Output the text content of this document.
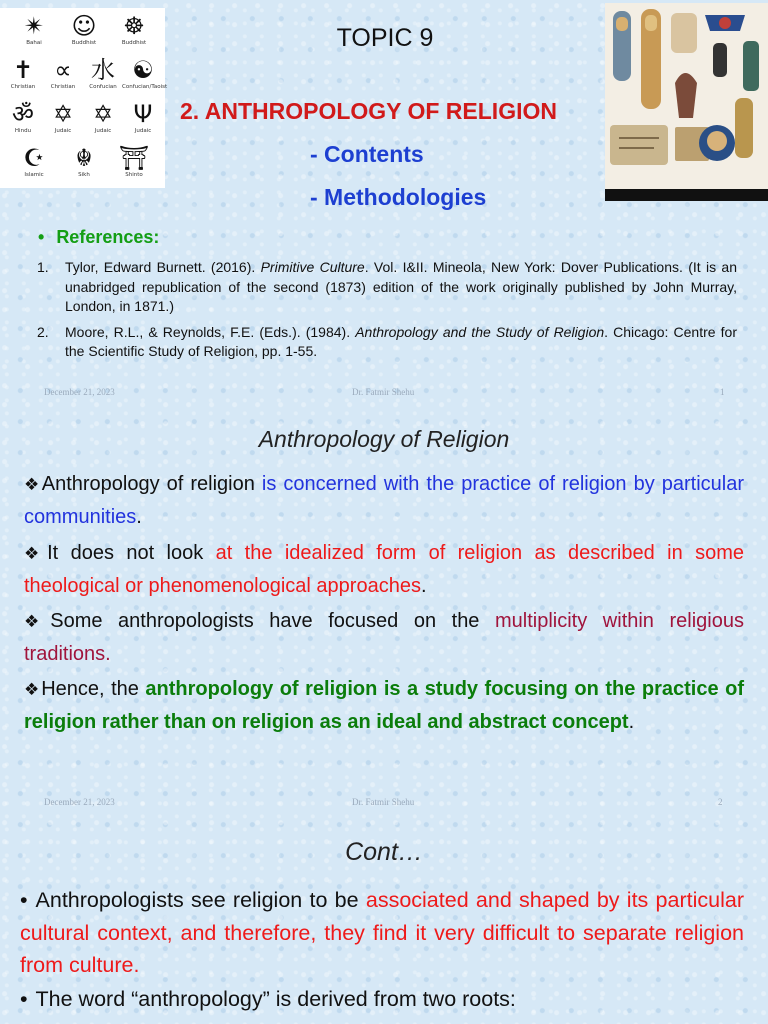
✴
Bahai
☺
Buddhist
☸
Buddhist
✝
Christian
∝
Christian
水
Confucian
☯
Confucian/Taoist
ॐ
Hindu
✡
Judaic
✡
Judaic
Ψ
Judaic
☪
Islamic
☬
Sikh
⛩
Shinto
TOPIC 9
2. ANTHROPOLOGY OF RELIGION
- Contents
- Methodologies
• References:
1. Tylor, Edward Burnett. (2016). Primitive Culture. Vol. I&II. Mineola, New York: Dover Publications. (It is an unabridged republication of the second (1873) edition of the work originally published by John Murray, London, in 1871.)
2. Moore, R.L., & Reynolds, F.E. (Eds.). (1984). Anthropology and the Study of Religion. Chicago: Centre for the Scientific Study of Religion, pp. 1-55.
December 21, 2023	Dr. Fatmir Shehu	1
Anthropology of Religion
❖Anthropology of religion is concerned with the practice of religion by particular communities.
❖It does not look at the idealized form of religion as described in some theological or phenomenological approaches.
❖Some anthropologists have focused on the multiplicity within religious traditions.
❖Hence, the anthropology of religion is a study focusing on the practice of religion rather than on religion as an ideal and abstract concept.
December 21, 2023	Dr. Fatmir Shehu	2
Cont…
• Anthropologists see religion to be associated and shaped by its particular cultural context, and therefore, they find it very difficult to separate religion from culture.
• The word “anthropology” is derived from two roots:
